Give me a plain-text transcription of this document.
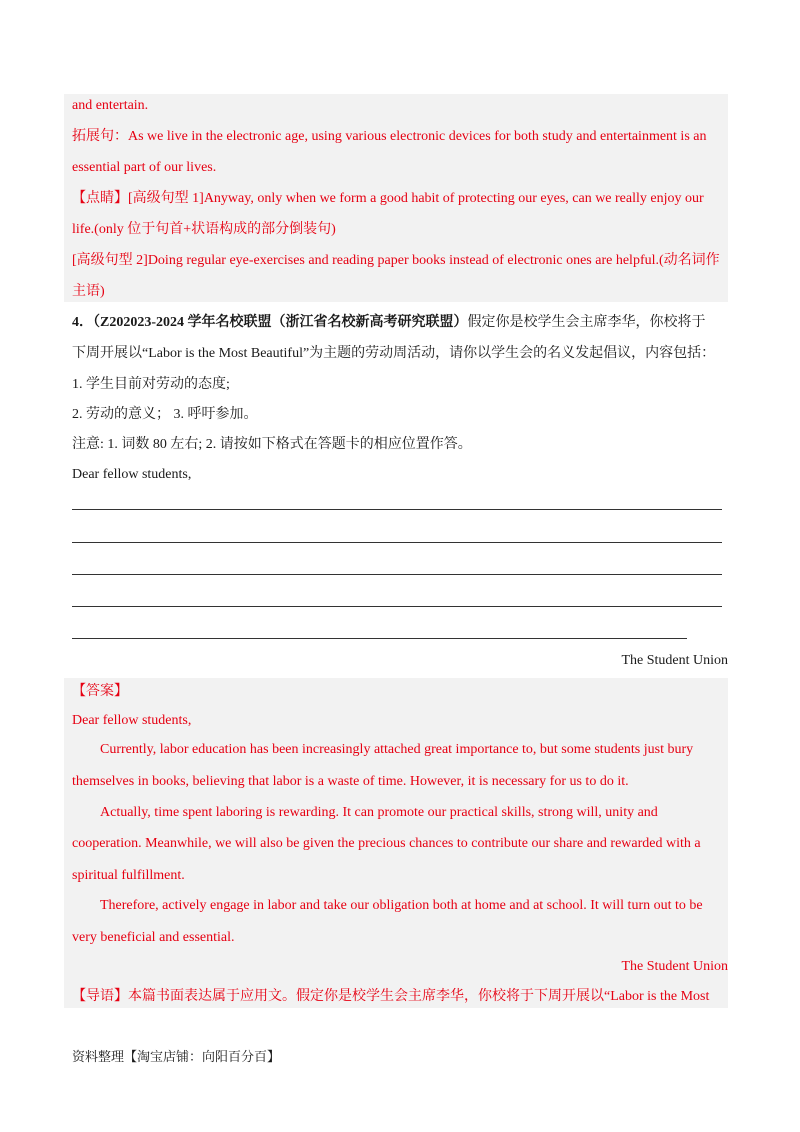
and entertain.
拓展句：As we live in the electronic age, using various electronic devices for both study and entertainment is an
essential part of our lives.
【点睛】[高级句型 1]Anyway, only when we form a good habit of protecting our eyes, can we really enjoy our
life.(only 位于句首+状语构成的部分倒装句)
[高级句型 2]Doing regular eye-exercises and reading paper books instead of electronic ones are helpful.(动名词作
主语)
4．（Z202023-2024 学年名校联盟（浙江省名校新高考研究联盟）假定你是校学生会主席李华，你校将于
下周开展以“Labor is the Most Beautiful”为主题的劳动周活动，请你以学生会的名义发起倡议，内容包括：
1. 学生目前对劳动的态度;
2. 劳动的意义； 3. 呼吁参加。
注意: 1. 词数 80 左右; 2. 请按如下格式在答题卡的相应位置作答。
Dear fellow students,
The Student Union
【答案】
Dear fellow students,
Currently, labor education has been increasingly attached great importance to, but some students just bury
themselves in books, believing that labor is a waste of time. However, it is necessary for us to do it.
Actually, time spent laboring is rewarding. It can promote our practical skills, strong will, unity and
cooperation. Meanwhile, we will also be given the precious chances to contribute our share and rewarded with a
spiritual fulfillment.
Therefore, actively engage in labor and take our obligation both at home and at school. It will turn out to be
very beneficial and essential.
The Student Union
【导语】本篇书面表达属于应用文。假定你是校学生会主席李华，你校将于下周开展以“Labor is the Most
资料整理【淘宝店铺：向阳百分百】
